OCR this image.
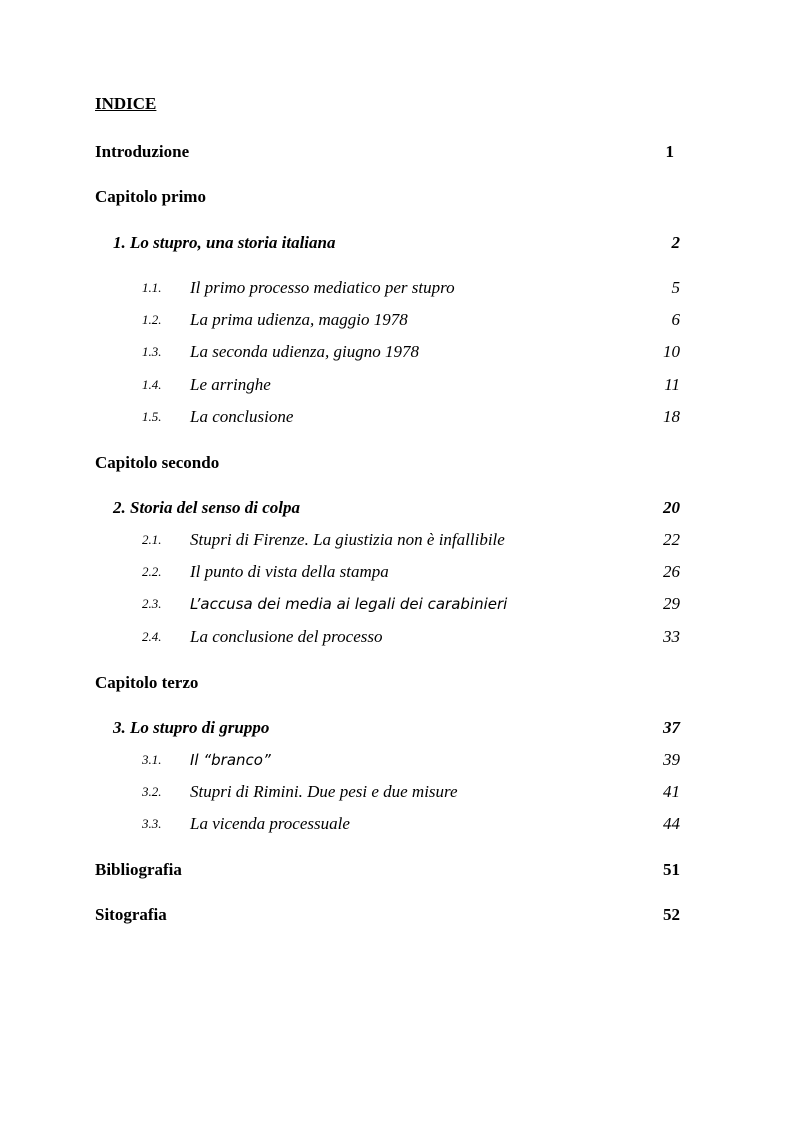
INDICE
Introduzione	1
Capitolo primo
1. Lo stupro, una storia italiana	2
1.1. Il primo processo mediatico per stupro	5
1.2. La prima udienza, maggio 1978	6
1.3. La seconda udienza, giugno 1978	10
1.4. Le arringhe	11
1.5. La conclusione	18
Capitolo secondo
2. Storia del senso di colpa	20
2.1. Stupri di Firenze. La giustizia non è infallibile	22
2.2. Il punto di vista della stampa	26
2.3. L’accusa dei media ai legali dei carabinieri	29
2.4. La conclusione del processo	33
Capitolo terzo
3. Lo stupro di gruppo	37
3.1. Il “branco”	39
3.2. Stupri di Rimini. Due pesi e due misure	41
3.3. La vicenda processuale	44
Bibliografia	51
Sitografia	52
